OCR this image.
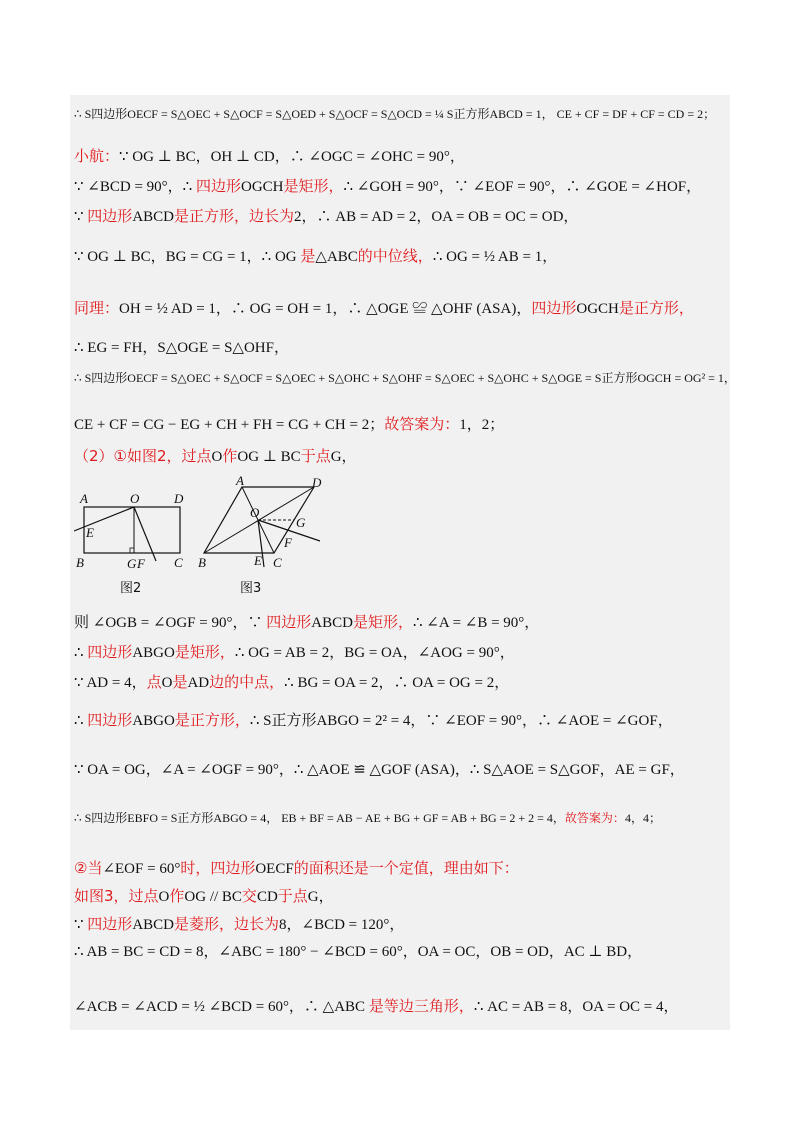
∴ S四边形OECF = S△OEC + S△OCF = S△OED + S△OCF = S△OCD = ¼ S正方形ABCD = 1， CE + CF = DF + CF = CD = 2；
小航：∵ OG ⊥ BC，OH ⊥ CD，∴ ∠OGC = ∠OHC = 90°，
∵ ∠BCD = 90°，∴ 四边形OGCH是矩形，∴ ∠GOH = 90°，∵ ∠EOF = 90°，∴ ∠GOE = ∠HOF，
∵ 四边形ABCD是正方形，边长为2，∴ AB = AD = 2，OA = OB = OC = OD，
∵ OG ⊥ BC，BG = CG = 1，∴ OG 是△ABC的中位线，∴ OG = ½ AB = 1，
同理：OH = ½ AD = 1，∴ OG = OH = 1，∴ △OGE ≌ △OHF (ASA)，四边形OGCH是正方形，
∴ EG = FH，S△OGE = S△OHF，
∴ S四边形OECF = S△OEC + S△OCF = S△OEC + S△OHC + S△OHF = S△OEC + S△OHC + S△OGE = S正方形OGCH = OG² = 1，
CE + CF = CG − EG + CH + FH = CG + CH = 2；故答案为：1，2；
（2）①如图2，过点O作OG ⊥ BC于点G，
则 ∠OGB = ∠OGF = 90°，∵ 四边形ABCD是矩形，∴ ∠A = ∠B = 90°，
∴ 四边形ABGO是矩形，∴ OG = AB = 2，BG = OA，∠AOG = 90°，
∵ AD = 4，点O是AD边的中点，∴ BG = OA = 2，∴ OA = OG = 2，
∴ 四边形ABGO是正方形，∴ S正方形ABGO = 2² = 4，∵ ∠EOF = 90°，∴ ∠AOE = ∠GOF，
∵ OA = OG，∠A = ∠OGF = 90°，∴ △AOE ≌ △GOF (ASA)，∴ S△AOE = S△GOF，AE = GF，
∴ S四边形EBFO = S正方形ABGO = 4， EB + BF = AB − AE + BG + GF = AB + BG = 2 + 2 = 4，故答案为：4，4；
②当∠EOF = 60°时，四边形OECF的面积还是一个定值，理由如下：
如图3，过点O作OG // BC交CD于点G，
∵ 四边形ABCD是菱形，边长为8，∠BCD = 120°，
∴ AB = BC = CD = 8，∠ABC = 180° − ∠BCD = 60°，OA = OC，OB = OD，AC ⊥ BD，
∠ACB = ∠ACD = ½ ∠BCD = 60°，∴ △ABC 是等边三角形，∴ AC = AB = 8，OA = OC = 4，
A	O	D
E
B	G F C
图2
A	D
O
G
F
B	E C
图3
